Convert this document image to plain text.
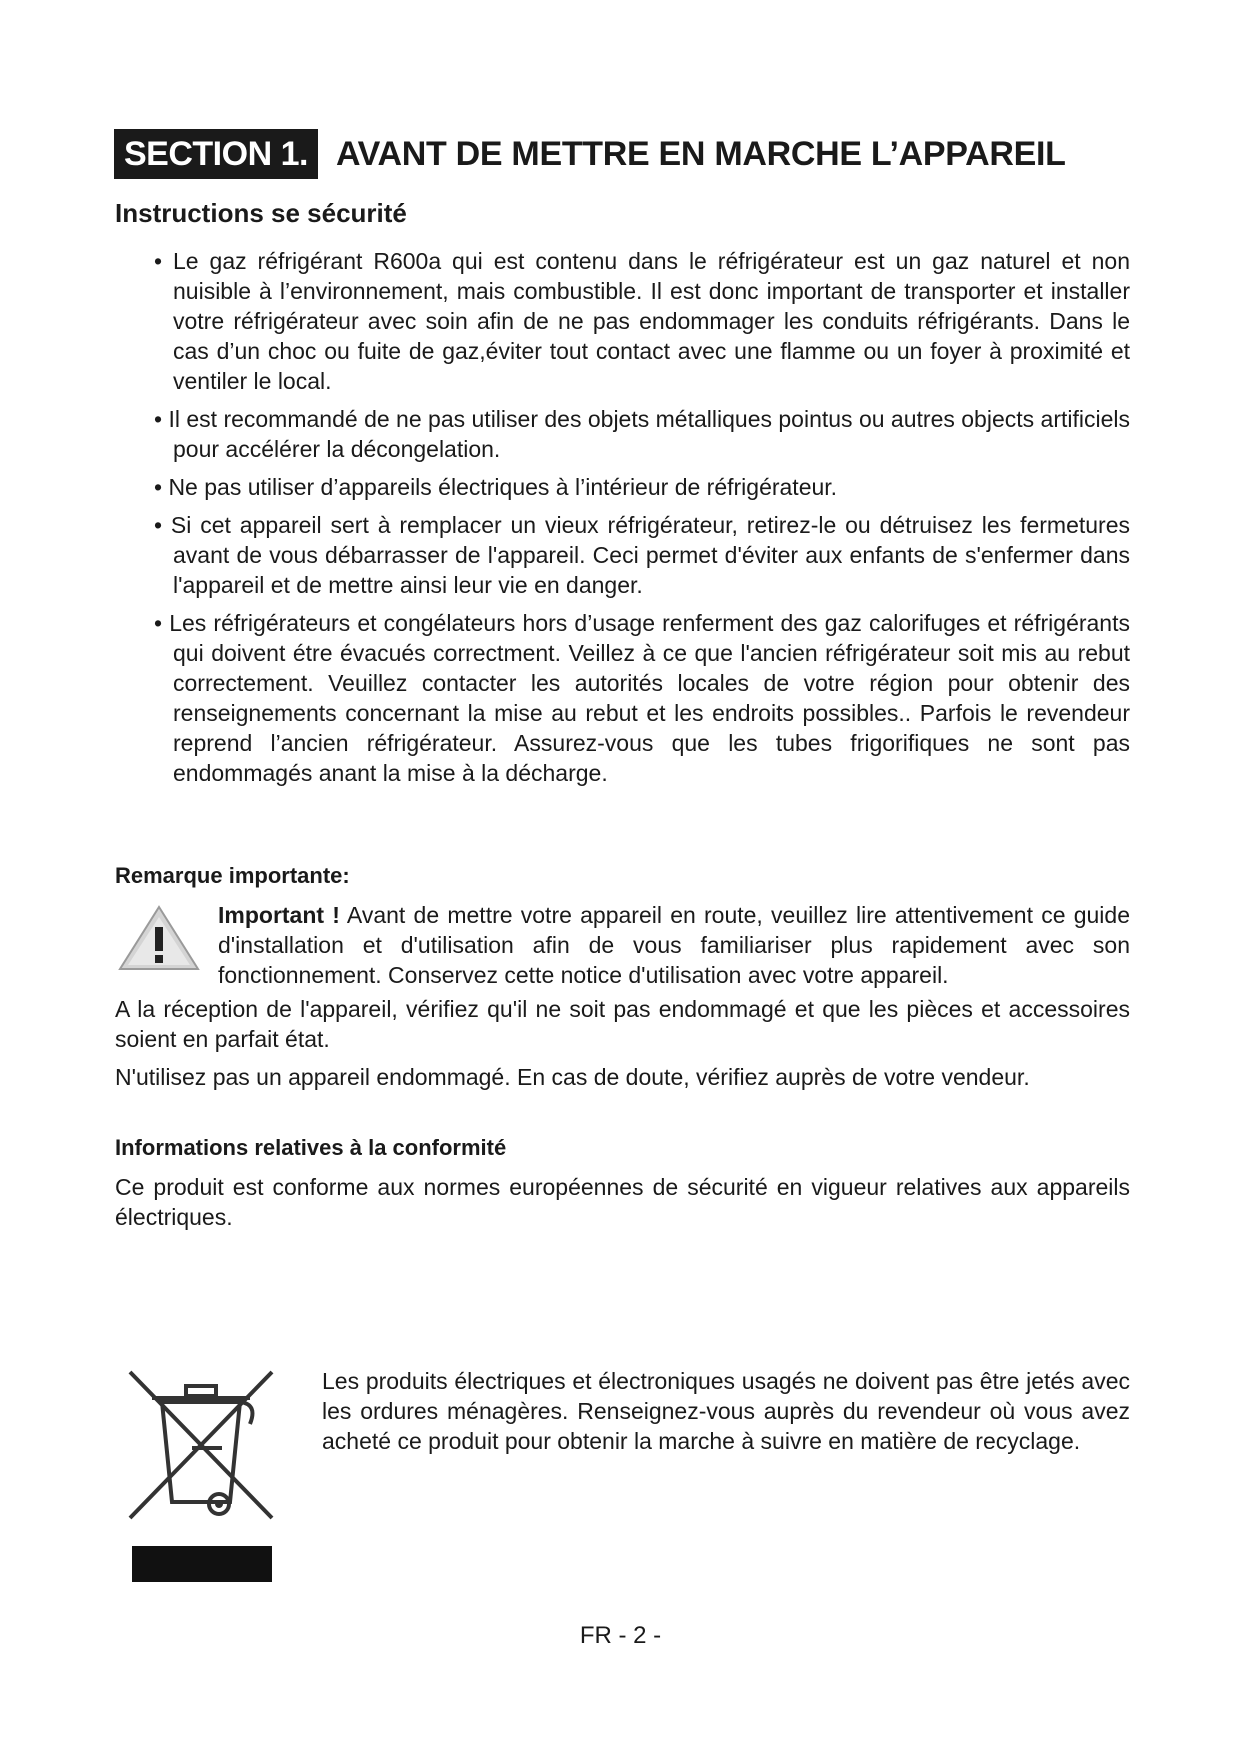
SECTION 1. AVANT DE METTRE EN MARCHE L’APPAREIL
Instructions se sécurité
• Le gaz réfrigérant R600a qui est contenu dans le réfrigérateur est un gaz naturel et non nuisible à l’environnement, mais combustible. Il est donc important de transporter et installer votre réfrigérateur avec soin afin de ne pas endommager les conduits réfrigérants. Dans le cas d’un choc ou fuite de gaz,éviter tout contact avec une flamme ou un foyer à proximité et ventiler le local.
• Il est recommandé de ne pas utiliser des objets métalliques pointus ou autres objects artificiels pour accélérer la décongelation.
• Ne pas utiliser d’appareils électriques à l’intérieur de réfrigérateur.
• Si cet appareil sert à remplacer un vieux réfrigérateur, retirez-le ou détruisez les fermetures avant de vous débarrasser de l'appareil. Ceci permet d'éviter aux enfants de s'enfermer dans l'appareil et de mettre ainsi leur vie en danger.
• Les réfrigérateurs et congélateurs hors d’usage renferment des gaz calorifuges et réfrigérants qui doivent étre évacués correctment. Veillez à ce que l'ancien réfrigérateur soit mis au rebut correctement. Veuillez contacter les autorités locales de votre région pour obtenir des renseignements concernant la mise au rebut et les endroits possibles.. Parfois le revendeur reprend l’ancien réfrigérateur. Assurez-vous que les tubes frigorifiques ne sont pas endommagés anant la mise à la décharge.
Remarque importante:
Important ! Avant de mettre votre appareil en route, veuillez lire attentivement ce guide d'installation et d'utilisation afin de vous familiariser plus rapidement avec son fonctionnement. Conservez cette notice d'utilisation avec votre appareil.
A la réception de l'appareil, vérifiez qu'il ne soit pas endommagé et que les pièces et accessoires soient en parfait état.
N'utilisez pas un appareil endommagé. En cas de doute, vérifiez auprès de votre vendeur.
Informations relatives à la conformité
Ce produit est conforme aux normes européennes de sécurité en vigueur relatives aux appareils électriques.
Les produits électriques et électroniques usagés ne doivent pas être jetés avec les ordures ménagères. Renseignez-vous auprès du revendeur où vous avez acheté ce produit pour obtenir la marche à suivre en matière de recyclage.
FR - 2 -
